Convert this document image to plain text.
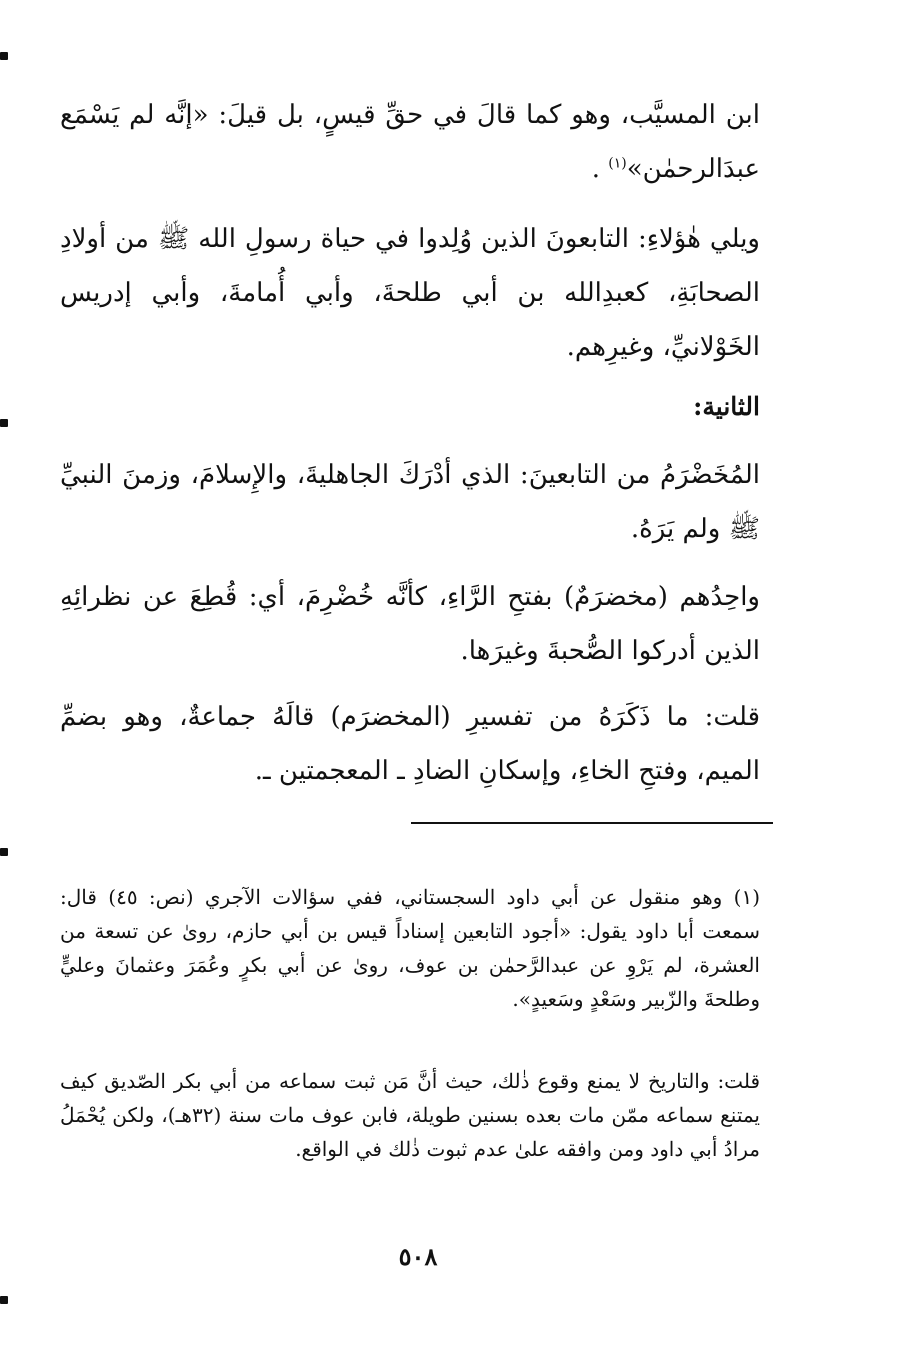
ابن المسيَّب، وهو كما قالَ في حقِّ قيسٍ، بل قيلَ: «إنَّه لم يَسْمَع عبدَالرحمٰن»$^{(١)}$ .

ويلي هٰؤلاءِ: التابعونَ الذين وُلِدوا في حياة رسولِ الله ﷺ من أولادِ الصحابَةِ، كعبدِالله بن أبي طلحةَ، وأبي أُمامةَ، وأبي إدريس الخَوْلانيِّ، وغيرِهم.

الثانية:

المُخَضْرَمُ من التابعينَ: الذي أدْرَكَ الجاهليةَ، والإِسلامَ، وزمنَ النبيِّ ﷺ ولم يَرَهُ.

واحِدُهم (مخضرَمٌ) بفتحِ الرَّاءِ، كأنَّه خُضْرِمَ، أي: قُطِعَ عن نظرائِهِ الذين أدركوا الصُّحبةَ وغيرَها.

قلت: ما ذَكَرَهُ من تفسيرِ (المخضرَم) قالَهُ جماعةٌ، وهو بضمِّ الميم، وفتحِ الخاءِ، وإسكانِ الضادِ ـ المعجمتين ـ.

(١) وهو منقول عن أبي داود السجستاني، ففي سؤالات الآجري (نص: ٤٥) قال: سمعت أبا داود يقول: «أجود التابعين إسناداً قيس بن أبي حازم، روىٰ عن تسعة من العشرة، لم يَرْوِ عن عبدالرَّحمٰن بن عوف، روىٰ عن أبي بكرٍ وعُمَرَ وعثمانَ وعليٍّ وطلحةَ والزّبير وسَعْدٍ وسَعيدٍ».

قلت: والتاريخ لا يمنع وقوع ذٰلك، حيث أنَّ مَن ثبت سماعه من أبي بكر الصّديق كيف يمتنع سماعه ممّن مات بعده بسنين طويلة، فابن عوف مات سنة (٣٢هـ)، ولكن يُحْمَلُ مرادُ أبي داود ومن وافقه علىٰ عدم ثبوت ذٰلك في الواقع.

٥٠٨
